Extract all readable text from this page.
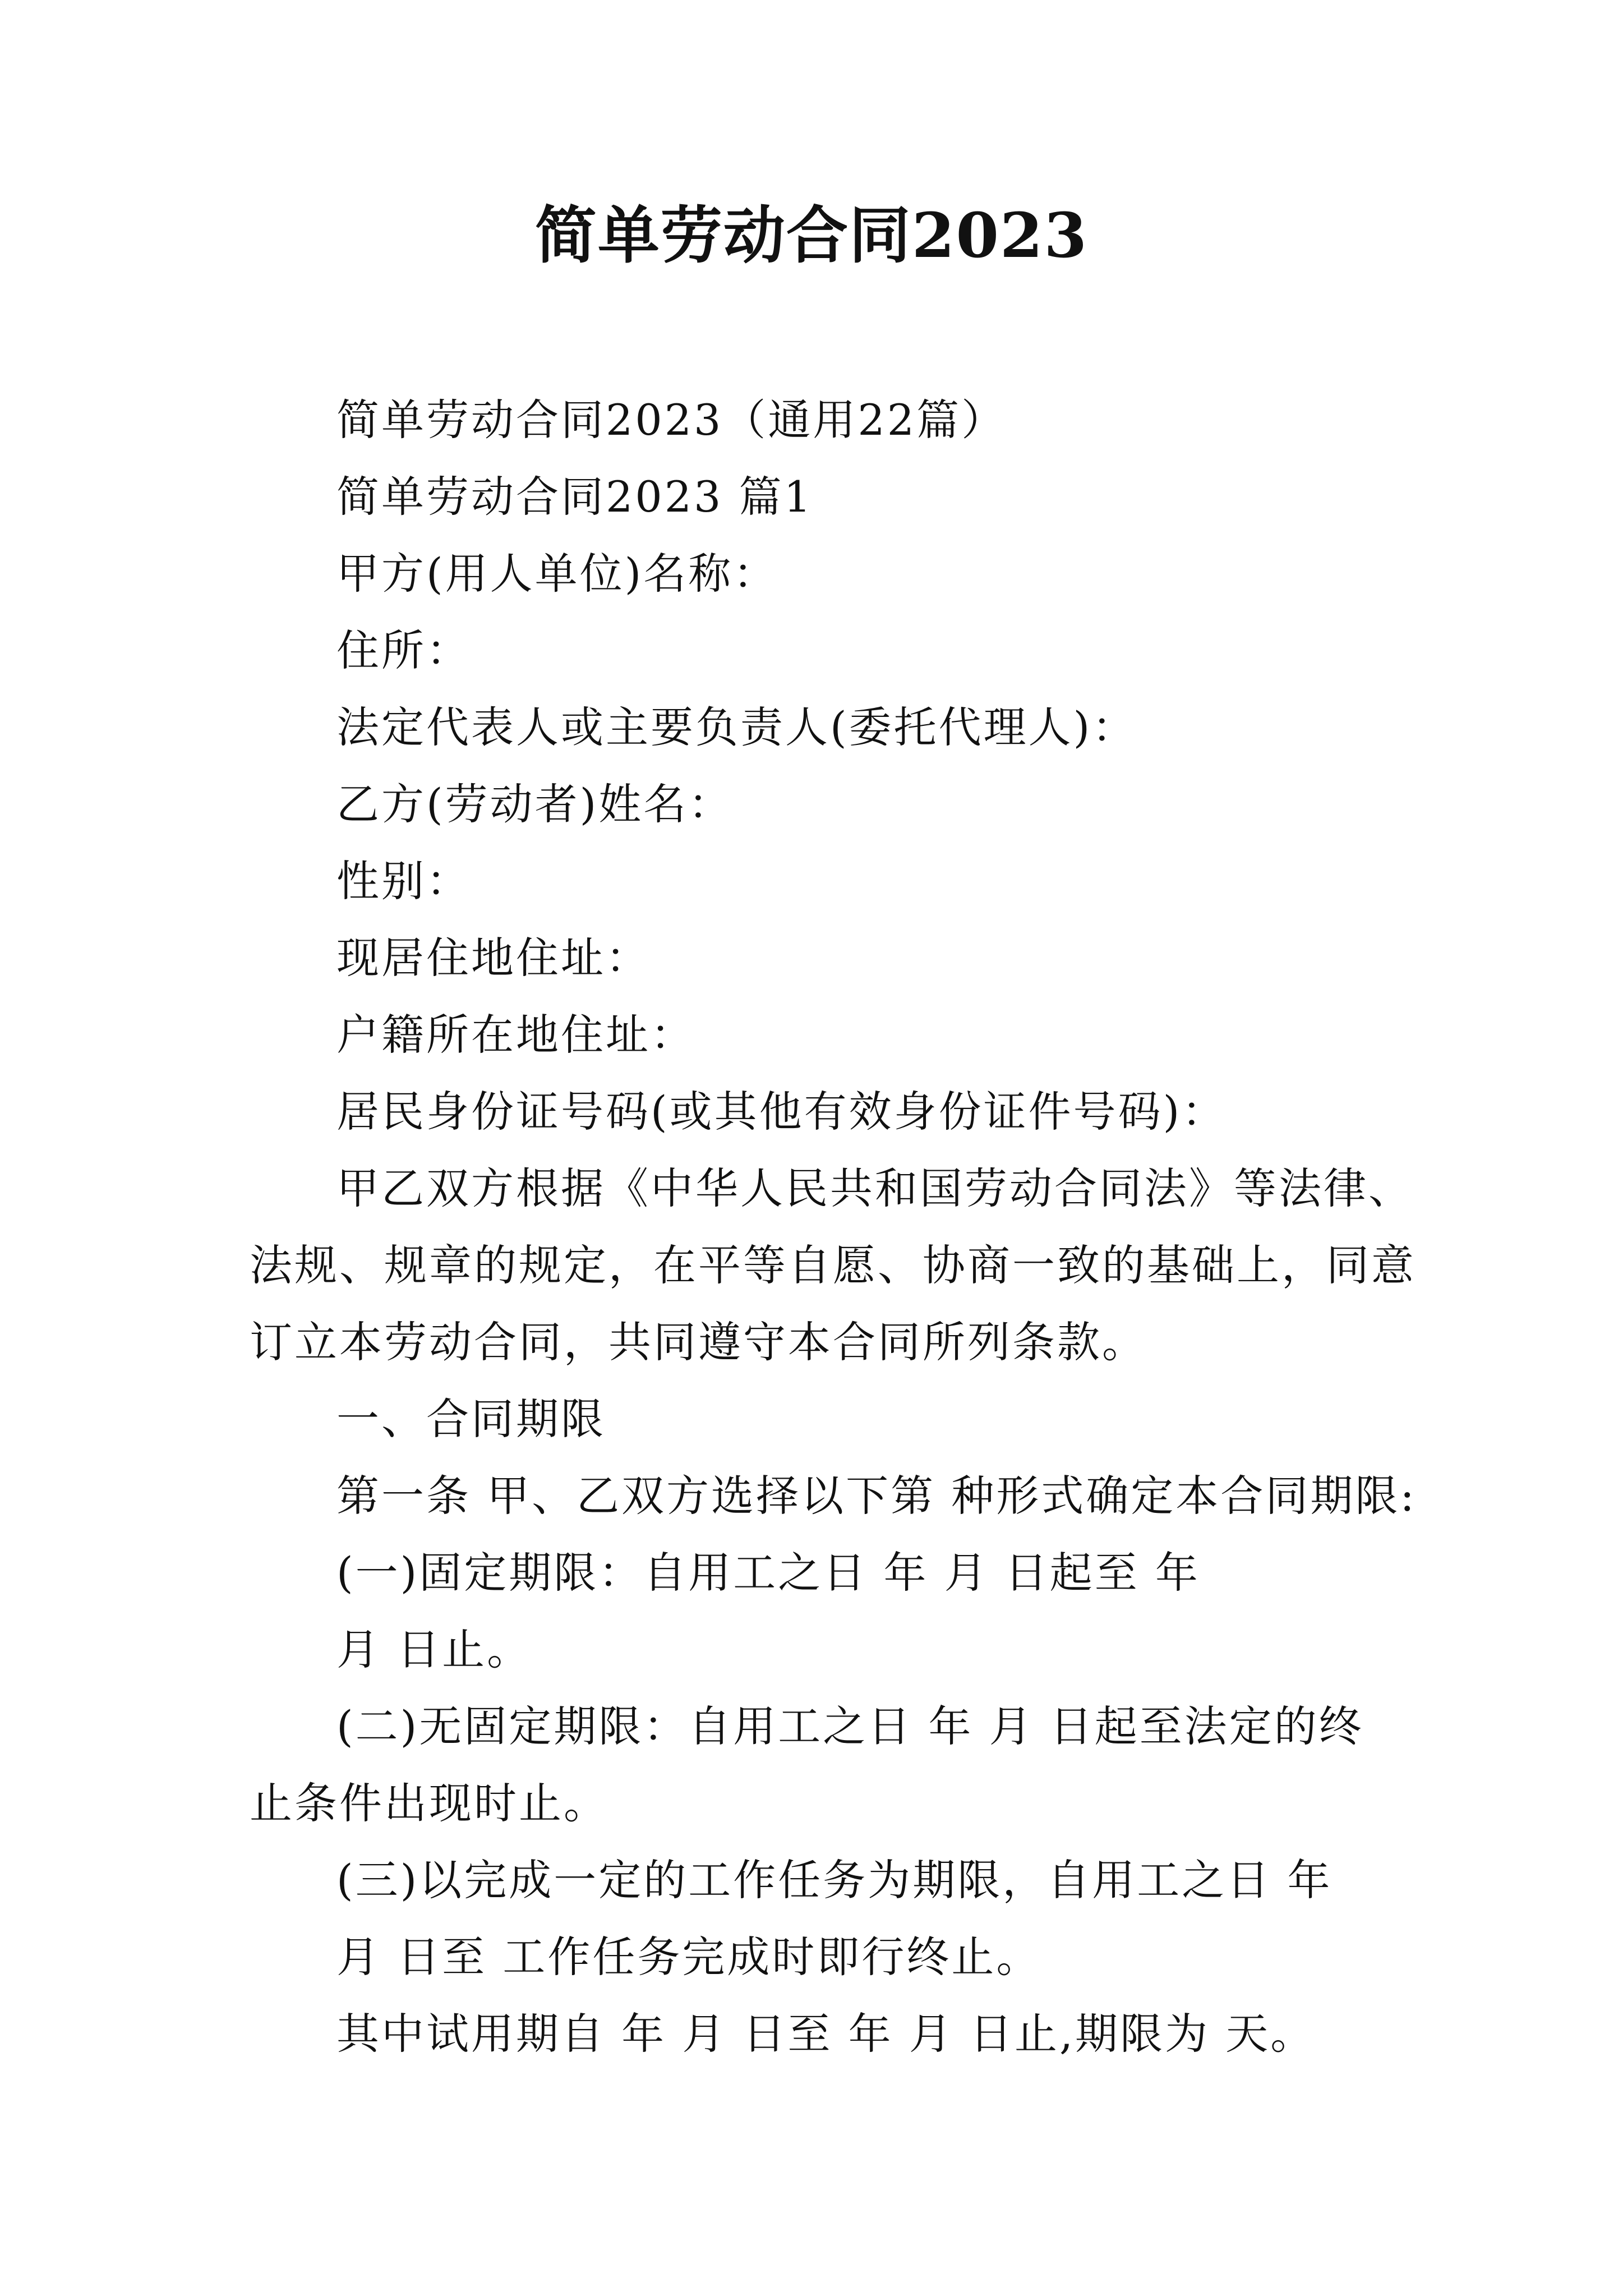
简单劳动合同2023
简单劳动合同2023（通用22篇）
简单劳动合同2023 篇1
甲方(用人单位)名称：
住所：
法定代表人或主要负责人(委托代理人)：
乙方(劳动者)姓名：
性别：
现居住地住址：
户籍所在地住址：
居民身份证号码(或其他有效身份证件号码)：
甲乙双方根据《中华人民共和国劳动合同法》等法律、
法规、规章的规定，在平等自愿、协商一致的基础上，同意
订立本劳动合同，共同遵守本合同所列条款。
一、合同期限
第一条 甲、乙双方选择以下第 种形式确定本合同期限:
(一)固定期限：自用工之日 年 月 日起至 年
月 日止。
(二)无固定期限：自用工之日 年 月 日起至法定的终
止条件出现时止。
(三)以完成一定的工作任务为期限，自用工之日 年
月 日至 工作任务完成时即行终止。
其中试用期自 年 月 日至 年 月 日止,期限为 天。
